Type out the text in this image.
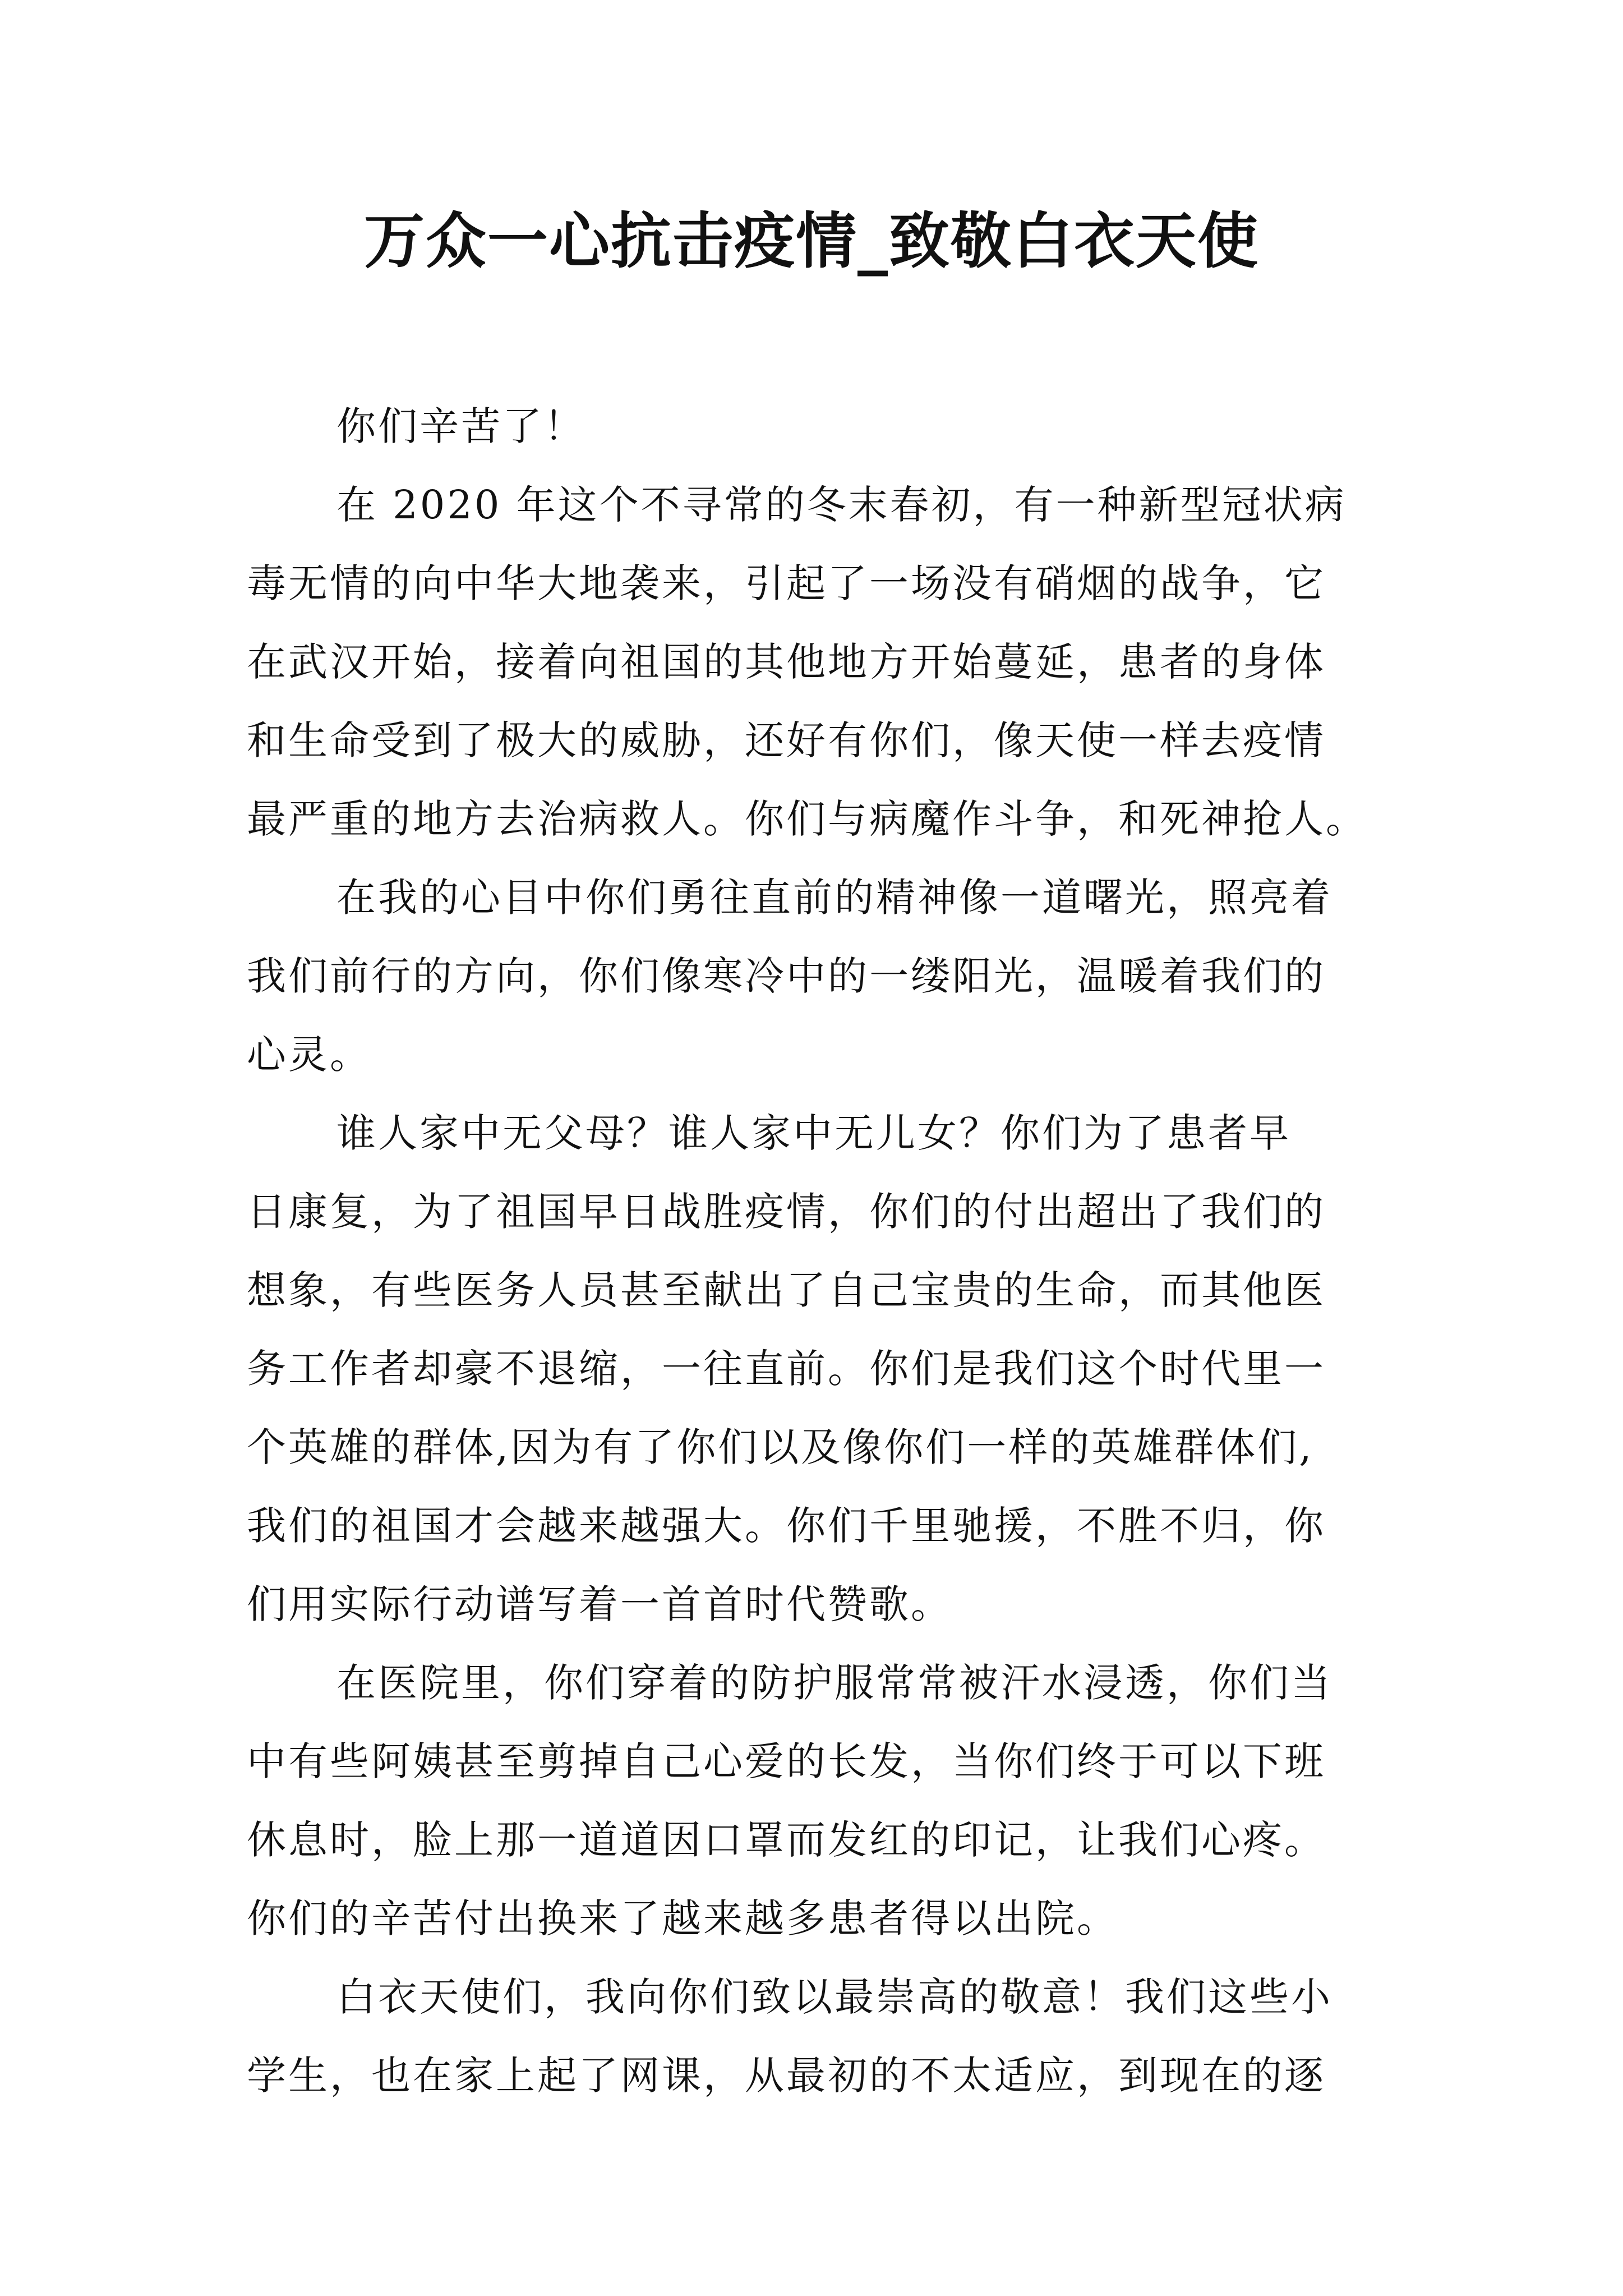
万众一心抗击疫情_致敬白衣天使
你们辛苦了！
在 2020 年这个不寻常的冬末春初，有一种新型冠状病
毒无情的向中华大地袭来，引起了一场没有硝烟的战争，它
在武汉开始，接着向祖国的其他地方开始蔓延，患者的身体
和生命受到了极大的威胁，还好有你们，像天使一样去疫情
最严重的地方去治病救人。你们与病魔作斗争，和死神抢人。
在我的心目中你们勇往直前的精神像一道曙光，照亮着
我们前行的方向，你们像寒冷中的一缕阳光，温暖着我们的
心灵。
谁人家中无父母？谁人家中无儿女？你们为了患者早
日康复，为了祖国早日战胜疫情，你们的付出超出了我们的
想象，有些医务人员甚至献出了自己宝贵的生命，而其他医
务工作者却豪不退缩，一往直前。你们是我们这个时代里一
个英雄的群体,因为有了你们以及像你们一样的英雄群体们,
我们的祖国才会越来越强大。你们千里驰援，不胜不归，你
们用实际行动谱写着一首首时代赞歌。
在医院里，你们穿着的防护服常常被汗水浸透，你们当
中有些阿姨甚至剪掉自己心爱的长发，当你们终于可以下班
休息时，脸上那一道道因口罩而发红的印记，让我们心疼。
你们的辛苦付出换来了越来越多患者得以出院。
白衣天使们，我向你们致以最崇高的敬意！我们这些小
学生，也在家上起了网课，从最初的不太适应，到现在的逐
